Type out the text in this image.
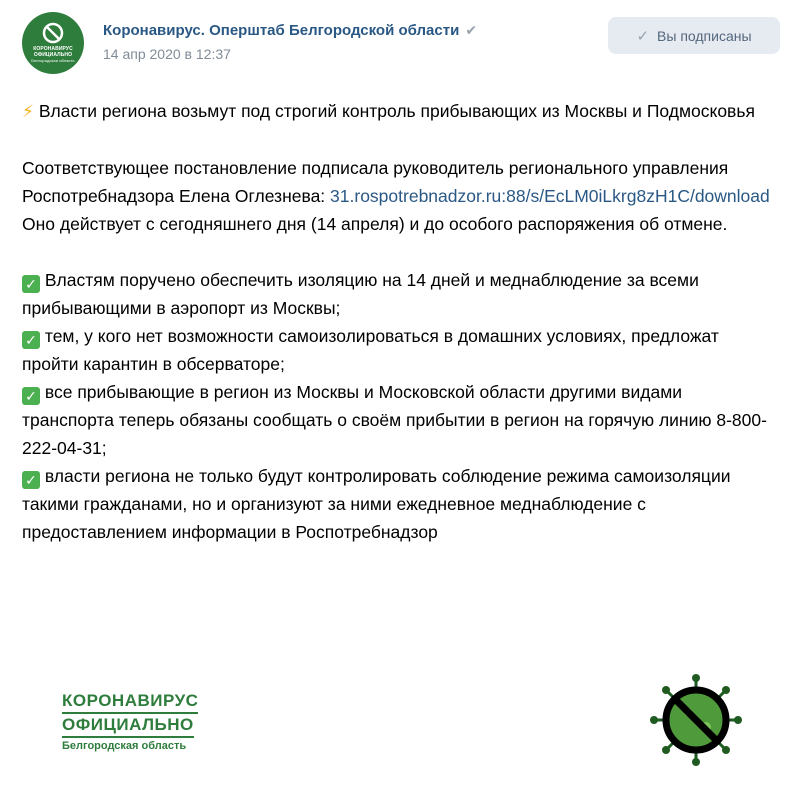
КОРОНАВИРУС
ОФИЦИАЛЬНО
Белгородская область
Коронавирус. Оперштаб Белгородской области ✔
14 апр 2020 в 12:37
✓ Вы подписаны

⚡ Власти региона возьмут под строгий контроль прибывающих из Москвы и Подмосковья

Соответствующее постановление подписала руководитель регионального управления Роспотребнадзора Елена Оглезнева: 31.rospotrebnadzor.ru:88/s/EcLM0iLkrg8zH1C/download Оно действует с сегодняшнего дня (14 апреля) и до особого распоряжения об отмене.

✓ Властям поручено обеспечить изоляцию на 14 дней и меднаблюдение за всеми прибывающими в аэропорт из Москвы;

✓ тем, у кого нет возможности самоизолироваться в домашних условиях, предложат пройти карантин в обсерваторе;

✓ все прибывающие в регион из Москвы и Московской области другими видами транспорта теперь обязаны сообщать о своём прибытии в регион на горячую линию 8-800-222-04-31;

✓ власти региона не только будут контролировать соблюдение режима самоизоляции такими гражданами, но и организуют за ними ежедневное меднаблюдение с предоставлением информации в Роспотребнадзор

КОРОНАВИРУС
ОФИЦИАЛЬНО
Белгородская область
